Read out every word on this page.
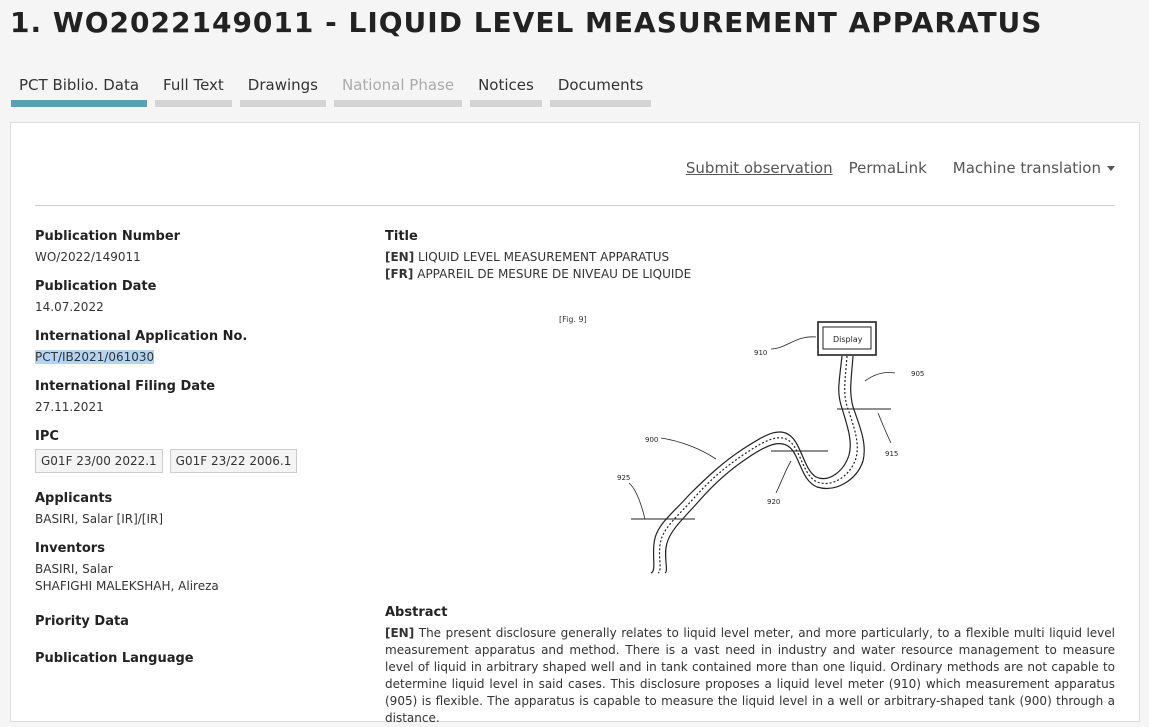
1. WO2022149011 - LIQUID LEVEL MEASUREMENT APPARATUS
PCT Biblio. Data	Full Text	Drawings	National Phase	Notices	Documents
Submit observation PermaLink Machine translation
Publication Number
WO/2022/149011
Publication Date
14.07.2022
International Application No.
PCT/IB2021/061030
International Filing Date
27.11.2021
IPC
G01F 23/00 2022.1	G01F 23/22 2006.1
Applicants
BASIRI, Salar [IR]/[IR]
Inventors
BASIRI, Salar
SHAFIGHI MALEKSHAH, Alireza
Priority Data
Publication Language
Title
[EN] LIQUID LEVEL MEASUREMENT APPARATUS
[FR] APPAREIL DE MESURE DE NIVEAU DE LIQUIDE
[Fig. 9]
Display
910
905
900
915
925
920
Abstract
[EN] The present disclosure generally relates to liquid level meter, and more particularly, to a flexible multi liquid level measurement apparatus and method. There is a vast need in industry and water resource management to measure level of liquid in arbitrary shaped well and in tank contained more than one liquid. Ordinary methods are not capable to determine liquid level in said cases. This disclosure proposes a liquid level meter (910) which measurement apparatus (905) is flexible. The apparatus is capable to measure the liquid level in a well or arbitrary-shaped tank (900) through a distance.
